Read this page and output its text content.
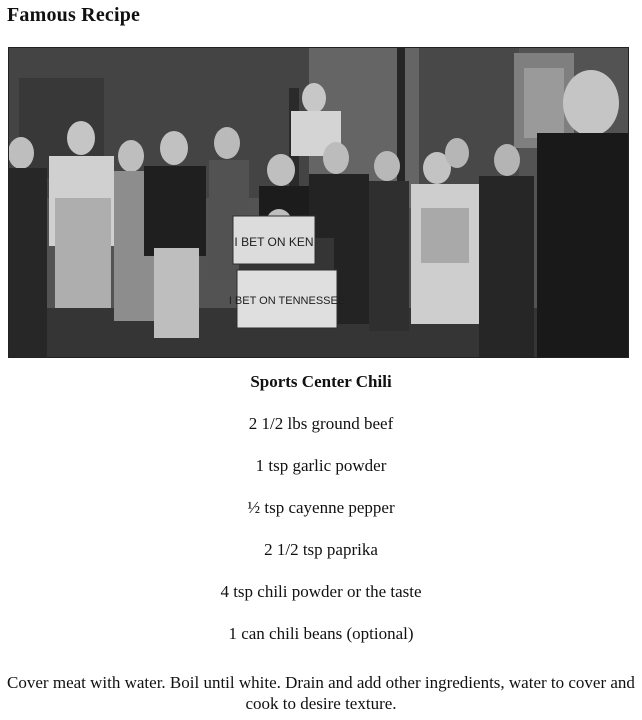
Famous Recipe
I BET ON KEN
I BET ON TENNESSEE
Sports Center Chili
2 1/2 lbs ground beef
1 tsp garlic powder
½ tsp cayenne pepper
2 1/2 tsp paprika
4 tsp chili powder or the taste
1 can chili beans (optional)
Cover meat with water. Boil until white. Drain and add other ingredients, water to cover and cook to desire texture.
